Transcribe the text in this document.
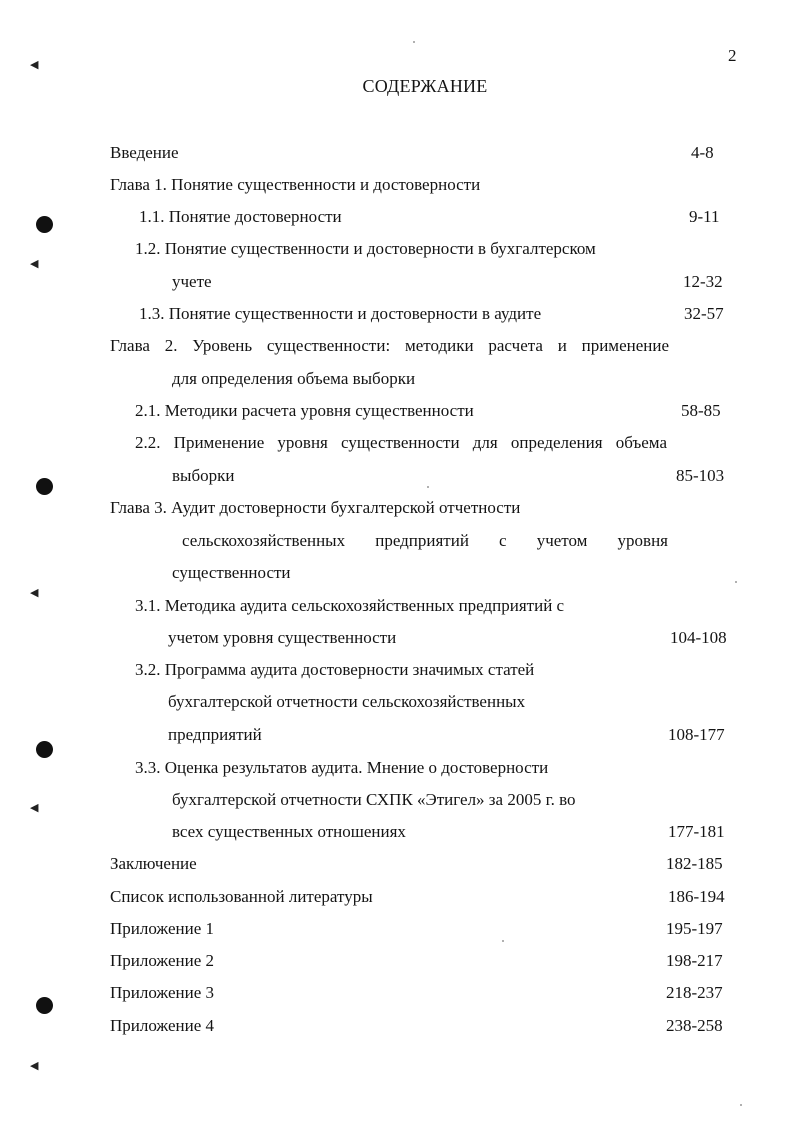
◀
◀
◀
◀
◀
2
СОДЕРЖАНИЕ
Введение	4-8
Глава 1. Понятие существенности и достоверности
1.1. Понятие достоверности	9-11
1.2. Понятие существенности и достоверности в бухгалтерском
учете	12-32
1.3. Понятие существенности и достоверности в аудите	32-57
Глава 2. Уровень существенности: методики расчета и применение
для определения объема выборки
2.1. Методики расчета уровня существенности	58-85
2.2. Применение уровня существенности для определения объема
выборки	85-103
Глава 3. Аудит достоверности бухгалтерской отчетности
сельскохозяйственных предприятий с учетом уровня
существенности
3.1. Методика аудита сельскохозяйственных предприятий с
учетом уровня существенности	104-108
3.2. Программа аудита достоверности значимых статей
бухгалтерской отчетности сельскохозяйственных
предприятий	108-177
3.3. Оценка результатов аудита. Мнение о достоверности
бухгалтерской отчетности СХПК «Этигел» за 2005 г. во
всех существенных отношениях	177-181
Заключение	182-185
Список использованной литературы	186-194
Приложение 1	195-197
Приложение 2	198-217
Приложение 3	218-237
Приложение 4	238-258
